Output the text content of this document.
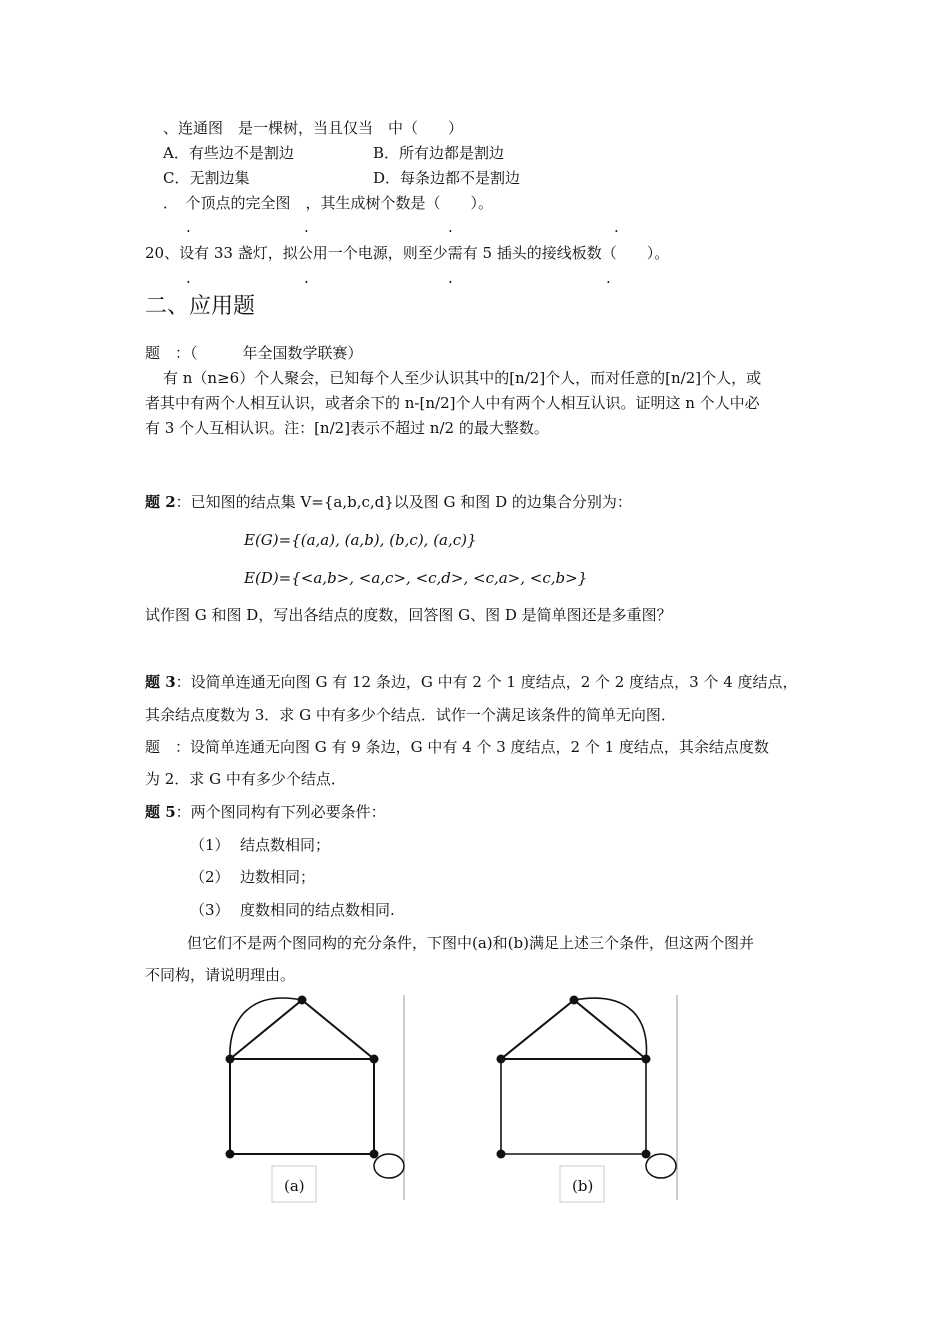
、连通图　是一棵树，当且仅当　中（　　）
A．有些边不是割边	B．所有边都是割边
C．无割边集	D．每条边都不是割边
．　个顶点的完全图　，其生成树个数是（　　）。
.	.	.	.
20、设有 33 盏灯，拟公用一个电源，则至少需有 5 插头的接线板数（　　）。
.	.	.	.
二、应用题
题　：（　　　年全国数学联赛）
有 n（n≥6）个人聚会，已知每个人至少认识其中的[n/2]个人，而对任意的[n/2]个人，或
者其中有两个人相互认识，或者余下的 n-[n/2]个人中有两个人相互认识。证明这 n 个人中必
有 3 个人互相认识。注：[n/2]表示不超过 n/2 的最大整数。
题 2：已知图的结点集 V={a,b,c,d}以及图 G 和图 D 的边集合分别为：
E(G)={(a,a), (a,b), (b,c), (a,c)}
E(D)={<a,b>, <a,c>, <c,d>, <c,a>, <c,b>}
试作图 G 和图 D，写出各结点的度数，回答图 G、图 D 是简单图还是多重图？
题 3：设简单连通无向图 G 有 12 条边，G 中有 2 个 1 度结点，2 个 2 度结点，3 个 4 度结点，
其余结点度数为 3．求 G 中有多少个结点．试作一个满足该条件的简单无向图．
题　：设简单连通无向图 G 有 9 条边，G 中有 4 个 3 度结点，2 个 1 度结点，其余结点度数
为 2．求 G 中有多少个结点．
题 5：两个图同构有下列必要条件：
（1） 结点数相同；
（2） 边数相同；
（3） 度数相同的结点数相同.
但它们不是两个图同构的充分条件，下图中(a)和(b)满足上述三个条件，但这两个图并
不同构，请说明理由。
(a)	(b)
